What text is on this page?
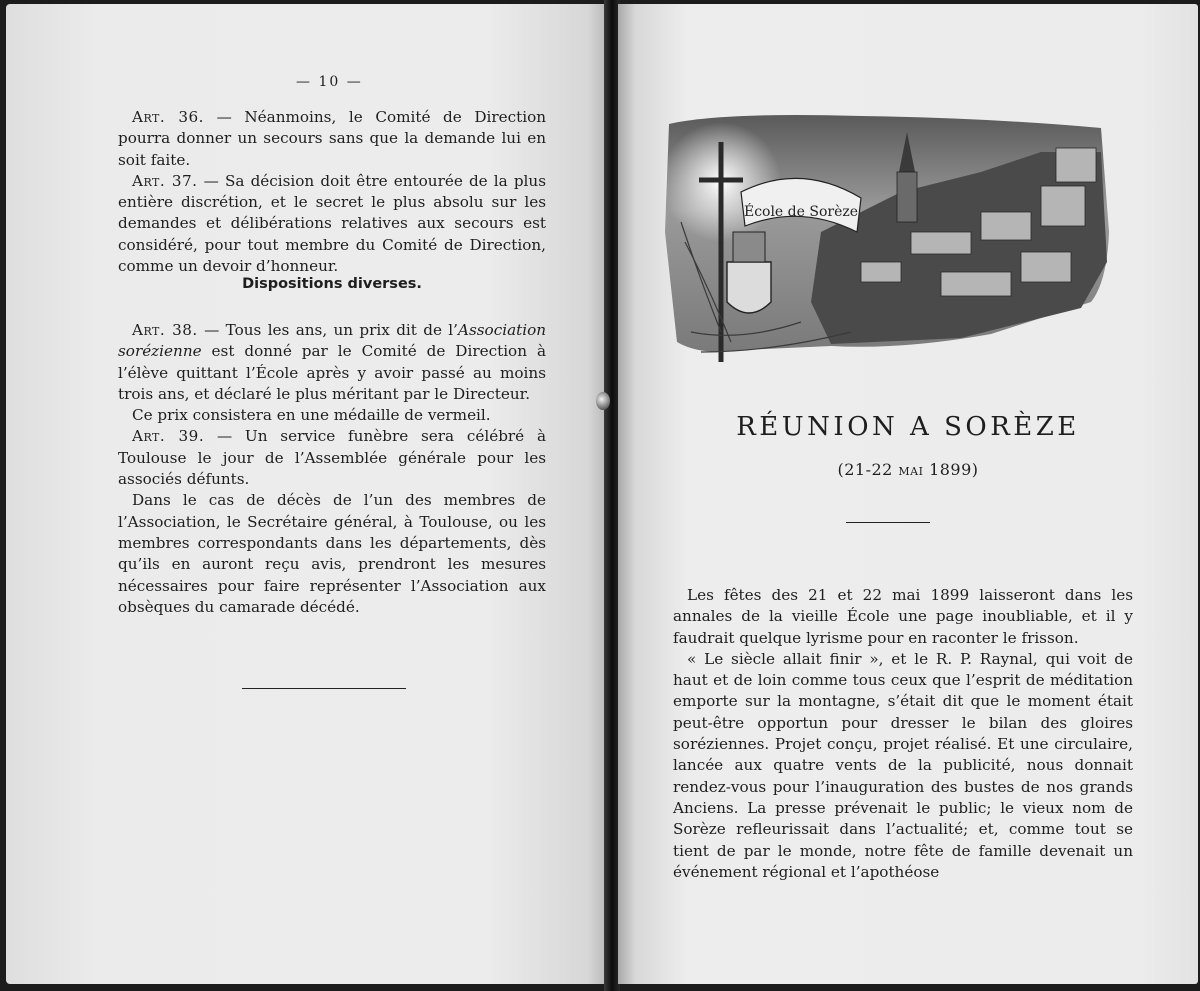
— 10 —

Art. 36. — Néanmoins, le Comité de Direction pourra donner un secours sans que la demande lui en soit faite.

Art. 37. — Sa décision doit être entourée de la plus entière discrétion, et le secret le plus absolu sur les demandes et délibérations relatives aux secours est considéré, pour tout membre du Comité de Direction, comme un devoir d’honneur.

Dispositions diverses.

Art. 38. — Tous les ans, un prix dit de l’Association sorézienne est donné par le Comité de Direction à l’élève quittant l’École après y avoir passé au moins trois ans, et déclaré le plus méritant par le Directeur.

Ce prix consistera en une médaille de vermeil.

Art. 39. — Un service funèbre sera célébré à Toulouse le jour de l’Assemblée générale pour les associés défunts.

Dans le cas de décès de l’un des membres de l’Association, le Secrétaire général, à Toulouse, ou les membres correspondants dans les départements, dès qu’ils en auront reçu avis, prendront les mesures nécessaires pour faire représenter l’Association aux obsèques du camarade décédé.

École de Sorèze
RÉUNION A SORÈZE
(21-22 mai 1899)

Les fêtes des 21 et 22 mai 1899 laisseront dans les annales de la vieille École une page inoubliable, et il y faudrait quelque lyrisme pour en raconter le frisson.

« Le siècle allait finir », et le R. P. Raynal, qui voit de haut et de loin comme tous ceux que l’esprit de méditation emporte sur la montagne, s’était dit que le moment était peut-être opportun pour dresser le bilan des gloires soréziennes. Projet conçu, projet réalisé. Et une circulaire, lancée aux quatre vents de la publicité, nous donnait rendez-vous pour l’inauguration des bustes de nos grands Anciens. La presse prévenait le public; le vieux nom de Sorèze refleurissait dans l’actualité; et, comme tout se tient de par le monde, notre fête de famille devenait un événement régional et l’apothéose
